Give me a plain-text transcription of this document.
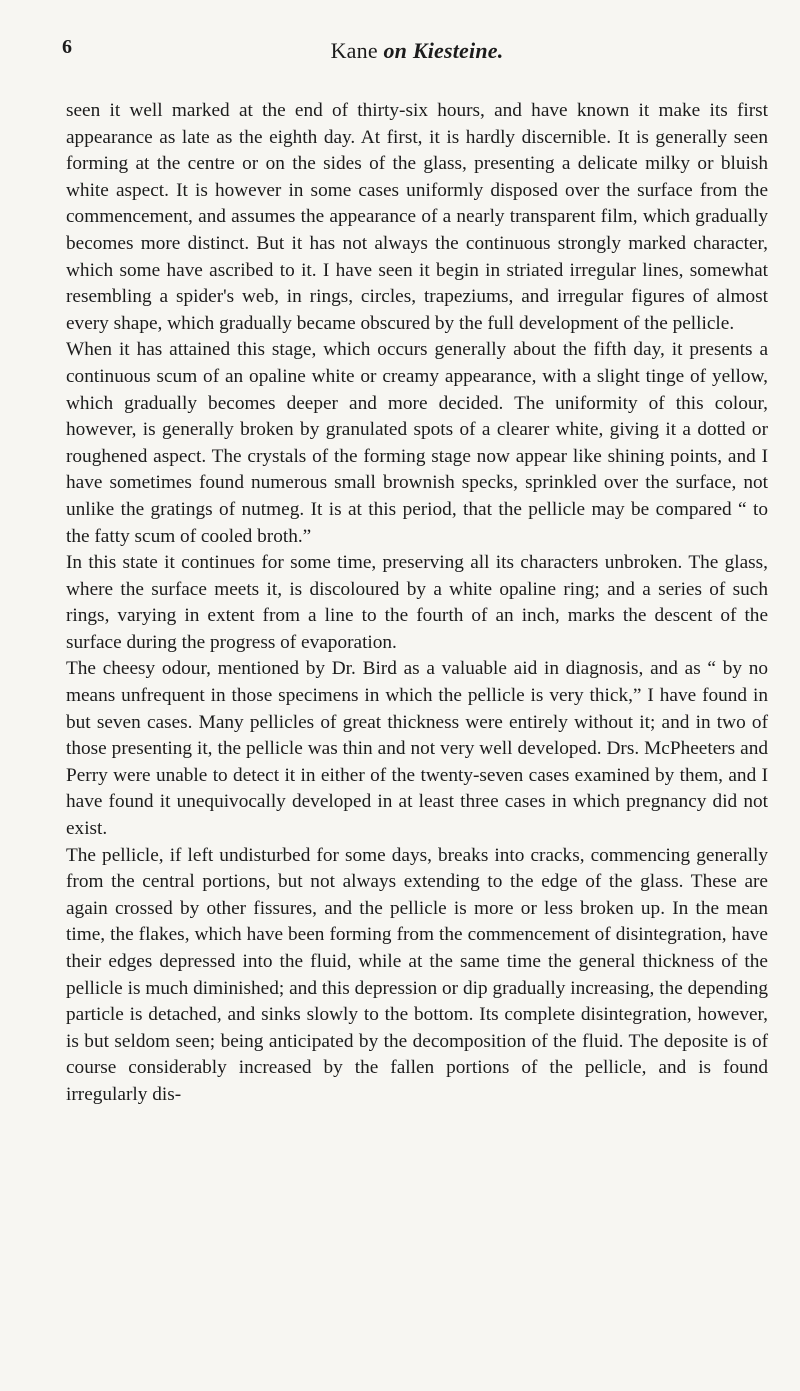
6	Kane on Kiesteine.

seen it well marked at the end of thirty-six hours, and have known it make its first appearance as late as the eighth day. At first, it is hardly discernible. It is generally seen forming at the centre or on the sides of the glass, presenting a delicate milky or bluish white aspect. It is however in some cases uniformly disposed over the surface from the commencement, and assumes the appearance of a nearly transparent film, which gradually becomes more distinct. But it has not always the continuous strongly marked character, which some have ascribed to it. I have seen it begin in striated irregular lines, somewhat resembling a spider's web, in rings, circles, trapeziums, and irregular figures of almost every shape, which gradually became obscured by the full development of the pellicle.

When it has attained this stage, which occurs generally about the fifth day, it presents a continuous scum of an opaline white or creamy appearance, with a slight tinge of yellow, which gradually becomes deeper and more decided. The uniformity of this colour, however, is generally broken by granulated spots of a clearer white, giving it a dotted or roughened aspect. The crystals of the forming stage now appear like shining points, and I have sometimes found numerous small brownish specks, sprinkled over the surface, not unlike the gratings of nutmeg. It is at this period, that the pellicle may be compared “ to the fatty scum of cooled broth.”

In this state it continues for some time, preserving all its characters unbroken. The glass, where the surface meets it, is discoloured by a white opaline ring; and a series of such rings, varying in extent from a line to the fourth of an inch, marks the descent of the surface during the progress of evaporation.

The cheesy odour, mentioned by Dr. Bird as a valuable aid in diagnosis, and as “ by no means unfrequent in those specimens in which the pellicle is very thick,” I have found in but seven cases. Many pellicles of great thickness were entirely without it; and in two of those presenting it, the pellicle was thin and not very well developed. Drs. McPheeters and Perry were unable to detect it in either of the twenty-seven cases examined by them, and I have found it unequivocally developed in at least three cases in which pregnancy did not exist.

The pellicle, if left undisturbed for some days, breaks into cracks, commencing generally from the central portions, but not always extending to the edge of the glass. These are again crossed by other fissures, and the pellicle is more or less broken up. In the mean time, the flakes, which have been forming from the commencement of disintegration, have their edges depressed into the fluid, while at the same time the general thickness of the pellicle is much diminished; and this depression or dip gradually increasing, the depending particle is detached, and sinks slowly to the bottom. Its complete disintegration, however, is but seldom seen; being anticipated by the decomposition of the fluid. The deposite is of course considerably increased by the fallen portions of the pellicle, and is found irregularly dis-
